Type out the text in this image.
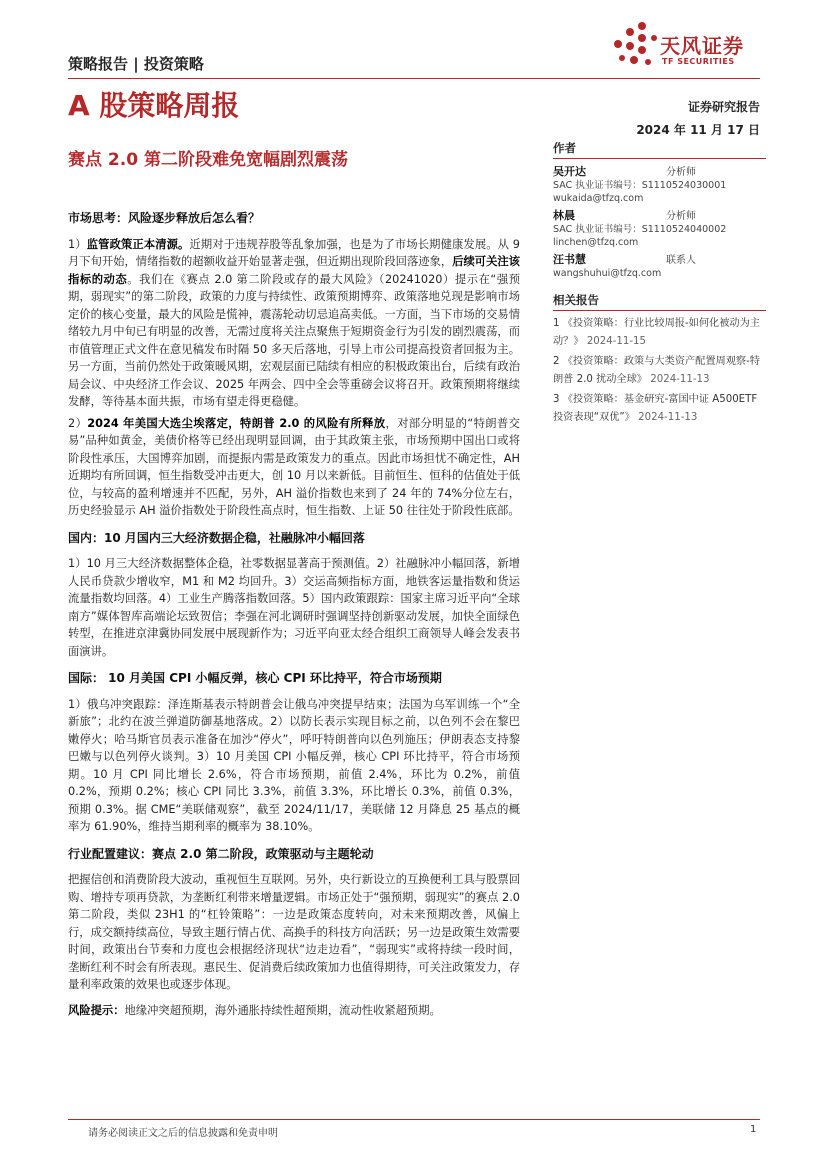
策略报告 | 投资策略
天风证券
TF SECURITIES
A 股策略周报	证券研究报告
2024 年 11 月 17 日
赛点 2.0 第二阶段难免宽幅剧烈震荡
市场思考：风险逐步释放后怎么看？

1）监管政策正本清源。近期对于违规荐股等乱象加强，也是为了市场长期健康发展。从 9 月下旬开始，情绪指数的超额收益开始显著走强，但近期出现阶段回落迹象，后续可关注该指标的动态。我们在《赛点 2.0 第二阶段或存的最大风险》（20241020）提示在“强预期，弱现实”的第二阶段，政策的力度与持续性、政策预期博弈、政策落地兑现是影响市场定价的核心变量，最大的风险是慌神，震荡轮动切忌追高卖低。一方面，当下市场的交易情绪较九月中旬已有明显的改善，无需过度将关注点聚焦于短期资金行为引发的剧烈震荡，而市值管理正式文件在意见稿发布时隔 50 多天后落地，引导上市公司提高投资者回报为主。另一方面，当前仍然处于政策暖风期，宏观层面已陆续有相应的积极政策出台，后续有政治局会议、中央经济工作会议、2025 年两会、四中全会等重磅会议将召开。政策预期将继续发酵，等待基本面共振，市场有望走得更稳健。

2）2024 年美国大选尘埃落定，特朗普 2.0 的风险有所释放，对部分明显的“特朗普交易”品种如黄金，美债价格等已经出现明显回调，由于其政策主张，市场预期中国出口或将阶段性承压，大国博弈加剧，而提振内需是政策发力的重点。因此市场担忧不确定性，AH 近期均有所回调，恒生指数受冲击更大，创 10 月以来新低。目前恒生、恒科的估值处于低位，与较高的盈利增速并不匹配，另外，AH 溢价指数也来到了 24 年的 74%分位左右，历史经验显示 AH 溢价指数处于阶段性高点时，恒生指数、上证 50 往往处于阶段性底部。

国内：10 月国内三大经济数据企稳，社融脉冲小幅回落

1）10 月三大经济数据整体企稳，社零数据显著高于预测值。2）社融脉冲小幅回落，新增人民币贷款少增收窄，M1 和 M2 均回升。3）交运高频指标方面，地铁客运量指数和货运流量指数均回落。4）工业生产腾落指数回落。5）国内政策跟踪：国家主席习近平向“全球南方”媒体智库高端论坛致贺信；李强在河北调研时强调坚持创新驱动发展，加快全面绿色转型，在推进京津冀协同发展中展现新作为；习近平向亚太经合组织工商领导人峰会发表书面演讲。

国际： 10 月美国 CPI 小幅反弹，核心 CPI 环比持平，符合市场预期

1）俄乌冲突跟踪：泽连斯基表示特朗普会让俄乌冲突提早结束；法国为乌军训练一个“全新旅”；北约在波兰弹道防御基地落成。2）以防长表示实现目标之前，以色列不会在黎巴嫩停火；哈马斯官员表示准备在加沙“停火”，呼吁特朗普向以色列施压；伊朗表态支持黎巴嫩与以色列停火谈判。3）10 月美国 CPI 小幅反弹，核心 CPI 环比持平，符合市场预期。10 月 CPI 同比增长 2.6%，符合市场预期，前值 2.4%，环比为 0.2%，前值 0.2%，预期 0.2%；核心 CPI 同比 3.3%，前值 3.3%，环比增长 0.3%，前值 0.3%，预期 0.3%。据 CME“美联储观察”，截至 2024/11/17，美联储 12 月降息 25 基点的概率为 61.90%，维持当期利率的概率为 38.10%。

行业配置建议：赛点 2.0 第二阶段，政策驱动与主题轮动

把握信创和消费阶段大波动，重视恒生互联网。另外，央行新设立的互换便利工具与股票回购、增持专项再贷款，为垄断红利带来增量逻辑。市场正处于“强预期，弱现实”的赛点 2.0 第二阶段，类似 23H1 的“杠铃策略”：一边是政策态度转向，对未来预期改善，风偏上行，成交额持续高位，导致主题行情占优、高换手的科技方向活跃；另一边是政策生效需要时间，政策出台节奏和力度也会根据经济现状“边走边看”，“弱现实”或将持续一段时间，垄断红利不时会有所表现。惠民生、促消费后续政策加力也值得期待，可关注政策发力，存量利率政策的效果也或逐步体现。

风险提示：地缘冲突超预期，海外通胀持续性超预期，流动性收紧超预期。

作者
吴开达	分析师
SAC 执业证书编号：S1110524030001
wukaida@tfzq.com
林晨	分析师
SAC 执业证书编号：S1110524040002
linchen@tfzq.com
汪书慧	联系人
wangshuhui@tfzq.com
相关报告
1 《投资策略：行业比较周报-如何化被动为主动？》 2024-11-15
2 《投资策略：政策与大类资产配置周观察-特朗普 2.0 扰动全球》 2024-11-13
3 《投资策略：基金研究-富国中证 A500ETF 投资表现“双优”》 2024-11-13
请务必阅读正文之后的信息披露和免责申明	1
